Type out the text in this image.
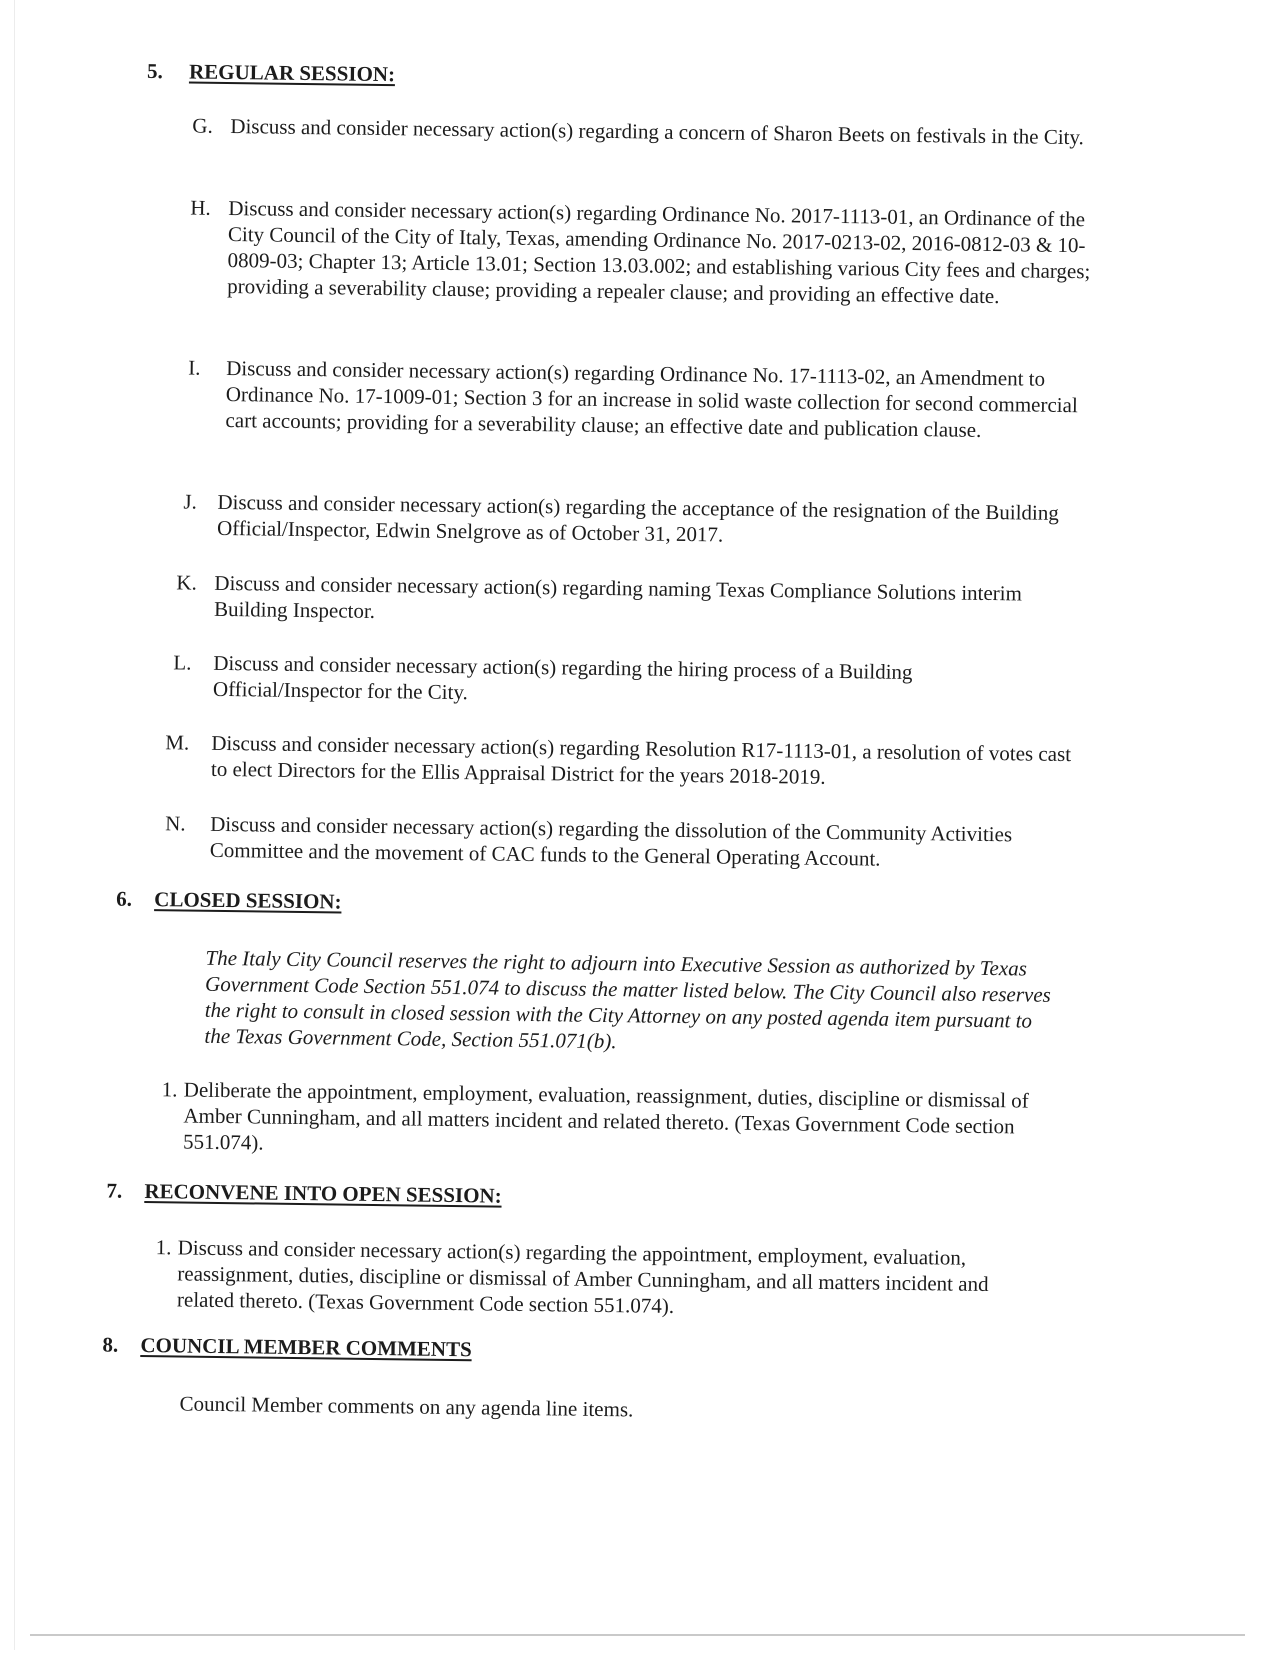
5. REGULAR SESSION:
G. Discuss and consider necessary action(s) regarding a concern of Sharon Beets on festivals in the City.
H. Discuss and consider necessary action(s) regarding Ordinance No. 2017-1113-01, an Ordinance of the City Council of the City of Italy, Texas, amending Ordinance No. 2017-0213-02, 2016-0812-03 & 10-0809-03; Chapter 13; Article 13.01; Section 13.03.002; and establishing various City fees and charges; providing a severability clause; providing a repealer clause; and providing an effective date.
I. Discuss and consider necessary action(s) regarding Ordinance No. 17-1113-02, an Amendment to Ordinance No. 17-1009-01; Section 3 for an increase in solid waste collection for second commercial cart accounts; providing for a severability clause; an effective date and publication clause.
J. Discuss and consider necessary action(s) regarding the acceptance of the resignation of the Building Official/Inspector, Edwin Snelgrove as of October 31, 2017.
K. Discuss and consider necessary action(s) regarding naming Texas Compliance Solutions interim Building Inspector.
L. Discuss and consider necessary action(s) regarding the hiring process of a Building Official/Inspector for the City.
M. Discuss and consider necessary action(s) regarding Resolution R17-1113-01, a resolution of votes cast to elect Directors for the Ellis Appraisal District for the years 2018-2019.
N. Discuss and consider necessary action(s) regarding the dissolution of the Community Activities Committee and the movement of CAC funds to the General Operating Account.
6. CLOSED SESSION:
The Italy City Council reserves the right to adjourn into Executive Session as authorized by Texas Government Code Section 551.074 to discuss the matter listed below. The City Council also reserves the right to consult in closed session with the City Attorney on any posted agenda item pursuant to the Texas Government Code, Section 551.071(b).
1. Deliberate the appointment, employment, evaluation, reassignment, duties, discipline or dismissal of Amber Cunningham, and all matters incident and related thereto. (Texas Government Code section 551.074).
7. RECONVENE INTO OPEN SESSION:
1. Discuss and consider necessary action(s) regarding the appointment, employment, evaluation, reassignment, duties, discipline or dismissal of Amber Cunningham, and all matters incident and related thereto. (Texas Government Code section 551.074).
8. COUNCIL MEMBER COMMENTS
Council Member comments on any agenda line items.
